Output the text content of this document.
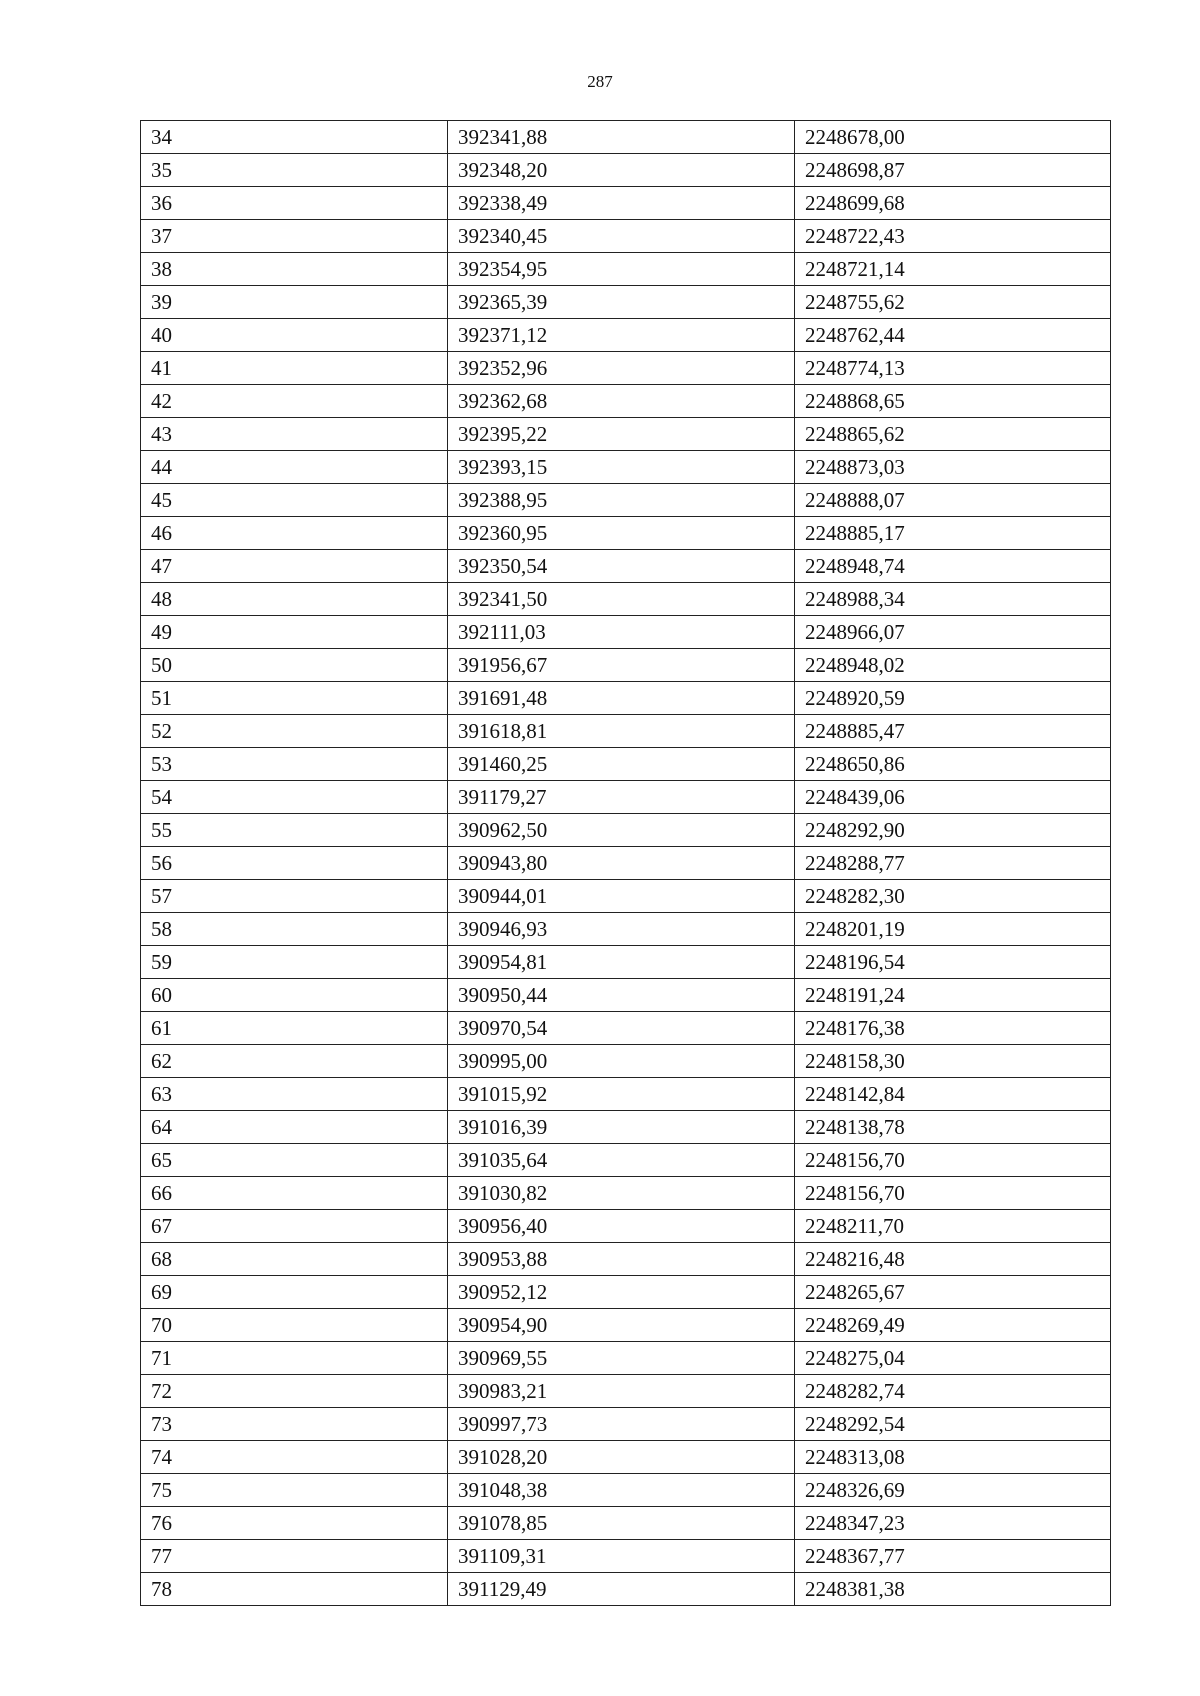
287
34	392341,88	2248678,00
35	392348,20	2248698,87
36	392338,49	2248699,68
37	392340,45	2248722,43
38	392354,95	2248721,14
39	392365,39	2248755,62
40	392371,12	2248762,44
41	392352,96	2248774,13
42	392362,68	2248868,65
43	392395,22	2248865,62
44	392393,15	2248873,03
45	392388,95	2248888,07
46	392360,95	2248885,17
47	392350,54	2248948,74
48	392341,50	2248988,34
49	392111,03	2248966,07
50	391956,67	2248948,02
51	391691,48	2248920,59
52	391618,81	2248885,47
53	391460,25	2248650,86
54	391179,27	2248439,06
55	390962,50	2248292,90
56	390943,80	2248288,77
57	390944,01	2248282,30
58	390946,93	2248201,19
59	390954,81	2248196,54
60	390950,44	2248191,24
61	390970,54	2248176,38
62	390995,00	2248158,30
63	391015,92	2248142,84
64	391016,39	2248138,78
65	391035,64	2248156,70
66	391030,82	2248156,70
67	390956,40	2248211,70
68	390953,88	2248216,48
69	390952,12	2248265,67
70	390954,90	2248269,49
71	390969,55	2248275,04
72	390983,21	2248282,74
73	390997,73	2248292,54
74	391028,20	2248313,08
75	391048,38	2248326,69
76	391078,85	2248347,23
77	391109,31	2248367,77
78	391129,49	2248381,38
